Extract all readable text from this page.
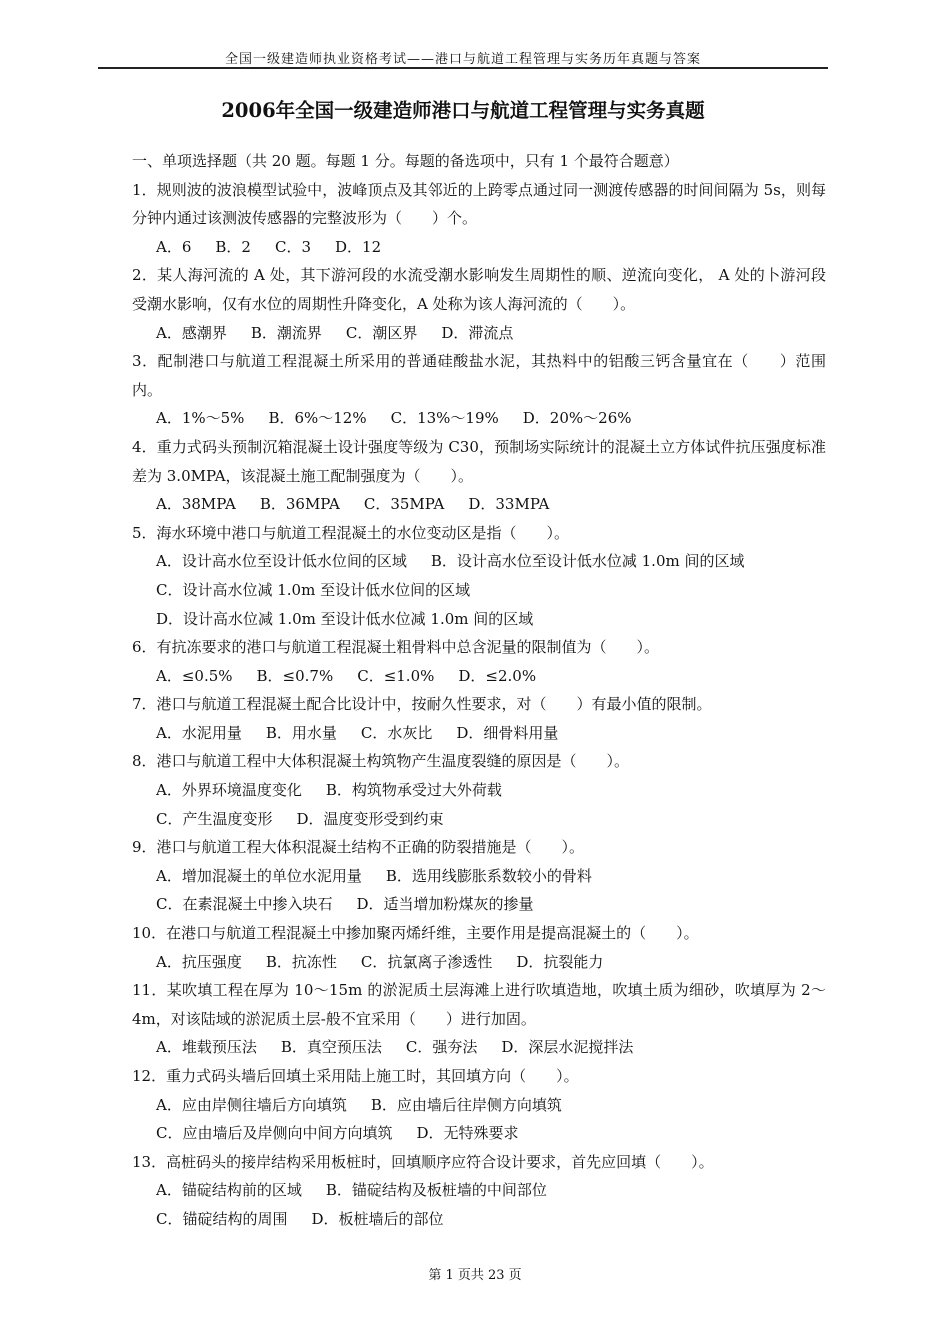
全国一级建造师执业资格考试——港口与航道工程管理与实务历年真题与答案
2006年全国一级建造师港口与航道工程管理与实务真题
一、单项选择题（共 20 题。每题 1 分。每题的备选项中，只有 1 个最符合题意）
1．规则波的波浪模型试验中，波峰顶点及其邻近的上跨零点通过同一测渡传感器的时间间隔为 5s，则每分钟内通过该测波传感器的完整波形为（　　）个。
A．6 B．2 C．3 D．12
2．某人海河流的 A 处，其下游河段的水流受潮水影响发生周期性的顺、逆流向变化， A 处的卜游河段受潮水影响，仅有水位的周期性升降变化，A 处称为该人海河流的（　　）。
A．感潮界 B．潮流界 C．潮区界 D．滞流点
3．配制港口与航道工程混凝土所采用的普通硅酸盐水泥，其热料中的铝酸三钙含量宜在（　　）范围内。
A．1%～5% B．6%～12% C．13%～19% D．20%～26%
4．重力式码头预制沉箱混凝土设计强度等级为 C30，预制场实际统计的混凝土立方体试件抗压强度标准差为 3.0MPA，该混凝土施工配制强度为（　　）。
A．38MPA B．36MPA C．35MPA D．33MPA
5．海水环境中港口与航道工程混凝土的水位变动区是指（　　）。
A．设计高水位至设计低水位间的区域 B．设计高水位至设计低水位减 1.0m 间的区域
C．设计高水位减 1.0m 至设计低水位间的区域
D．设计高水位减 1.0m 至设计低水位减 1.0m 间的区域
6．有抗冻要求的港口与航道工程混凝土粗骨料中总含泥量的限制值为（　　）。
A．≤0.5% B．≤0.7% C．≤1.0% D．≤2.0%
7．港口与航道工程混凝土配合比设计中，按耐久性要求，对（　　）有最小值的限制。
A．水泥用量 B．用水量 C．水灰比 D．细骨料用量
8．港口与航道工程中大体积混凝土构筑物产生温度裂缝的原因是（　　）。
A．外界环境温度变化 B．构筑物承受过大外荷载
C．产生温度变形 D．温度变形受到约束
9．港口与航道工程大体积混凝土结构不正确的防裂措施是（　　）。
A．增加混凝土的单位水泥用量 B．选用线膨胀系数较小的骨料
C．在素混凝土中掺入块石 D．适当增加粉煤灰的掺量
10．在港口与航道工程混凝土中掺加聚丙烯纤维，主要作用是提高混凝土的（　　）。
A．抗压强度 B．抗冻性 C．抗氯离子渗透性 D．抗裂能力
11．某吹填工程在厚为 10～15m 的淤泥质土层海滩上进行吹填造地，吹填土质为细砂，吹填厚为 2～4m，对该陆域的淤泥质土层-般不宜采用（　　）进行加固。
A．堆载预压法 B．真空预压法 C．强夯法 D．深层水泥搅拌法
12．重力式码头墙后回填土采用陆上施工时，其回填方向（　　）。
A．应由岸侧往墙后方向填筑 B．应由墙后往岸侧方向填筑
C．应由墙后及岸侧向中间方向填筑 D．无特殊要求
13．高桩码头的接岸结构采用板桩时，回填顺序应符合设计要求，首先应回填（　　）。
A．锚碇结构前的区域 B．锚碇结构及板桩墙的中间部位
C．锚碇结构的周围 D．板桩墙后的部位
第 1 页共 23 页
